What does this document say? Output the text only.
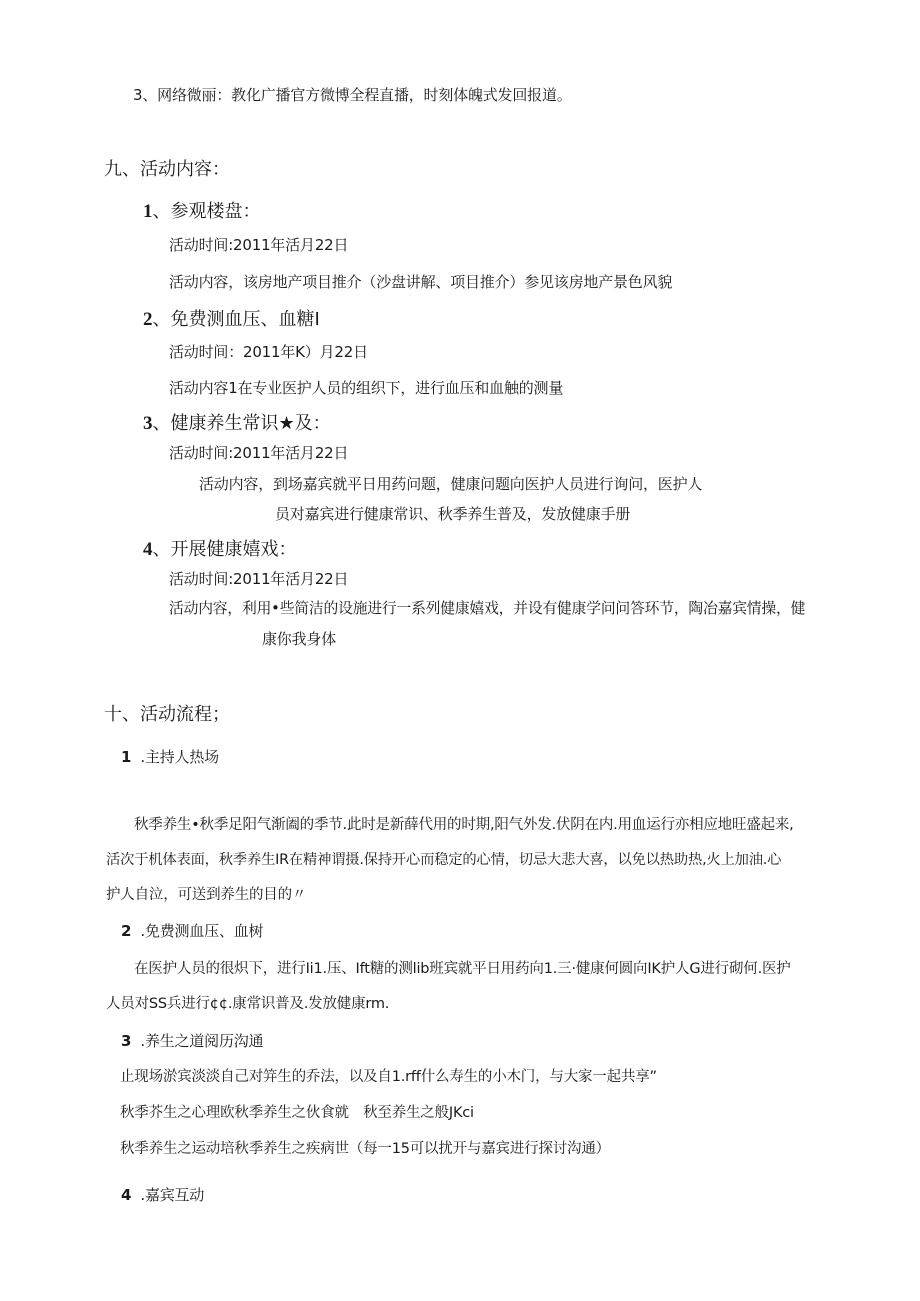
3、网络微丽：教化广播官方微博全程直播，时刻体魄式发回报道。
九、活动内容：
1、参观楼盘：
活动时间:2011年活月22日
活动内容，该房地产项目推介（沙盘讲解、项目推介）参见该房地产景色风貌
2、免费测血压、血糖I
活动时间：2011年K）月22日
活动内容1在专业医护人员的组织下，进行血压和血触的测量
3、健康养生常识★及：
活动时间:2011年活月22日
活动内容，到场嘉宾就平日用药问题，健康问题向医护人员进行询问，医护人
员对嘉宾进行健康常识、秋季养生普及，发放健康手册
4、开展健康嬉戏：
活动时间:2011年活月22日
活动内容，利用•些简洁的设施进行一系列健康嬉戏，并设有健康学问问答环节，陶冶嘉宾情操，健
康你我身体
十、活动流程；
1 .主持人热场
秋季养生•秋季足阳气渐阖的季节.此时是新薛代用的时期,阳气外发.伏阴在内.用血运行亦相应地旺盛起来,
活次于机体表面，秋季养生IR在精神谓摄.保持开心而稳定的心情，切忌大悲大喜，以免以热助热,火上加油.心
护人自泣，可送到养生的目的〃
2 .免费测血压、血树
在医护人员的很炽下，进行Ii1.压、Ift糖的测lib班宾就平日用药向1.三·健康何圆向IK护人G进行砌何.医护
人员对SS兵进行¢¢.康常识普及.发放健康rm.
3 .养生之道阅历沟通
止现场淤宾淡淡自己对笄生的乔法，以及自1.rff什么寿生的小木门，与大家一起共享”
秋季芥生之心理欧秋季养生之伙食就　秋至养生之般JKci
秋季养生之运动培秋季养生之疾病世（每一15可以扰开与嘉宾进行探讨沟通）
4 .嘉宾互动
